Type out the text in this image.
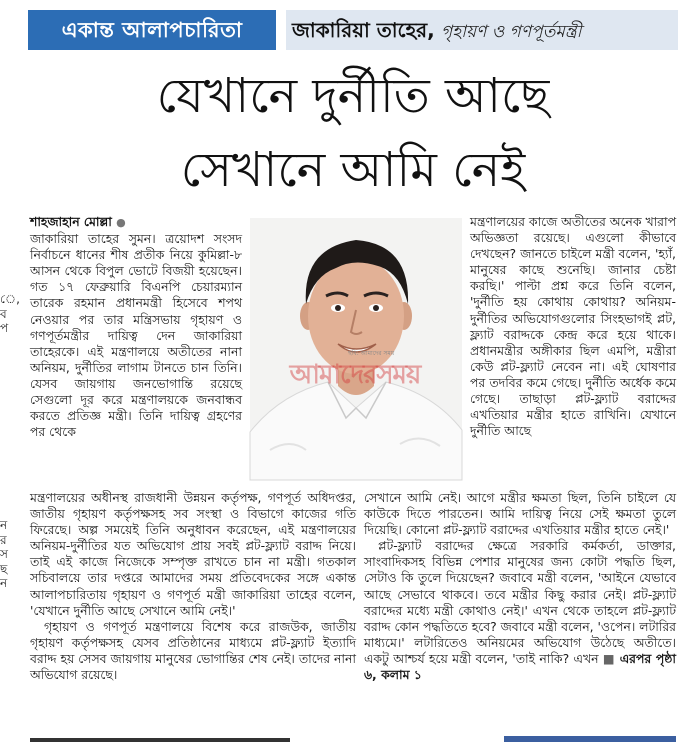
ে,
ব
প
ন
র
স
ছ
ন
একান্ত আলাপচারিতা	জাকারিয়া তাহের, গৃহায়ণ ও গণপূর্তমন্ত্রী
যেখানে দুর্নীতি আছে
সেখানে আমি নেই

শাহজাহান মোল্লা ●
জাকারিয়া তাহের সুমন। ত্রয়োদশ সংসদ নির্বাচনে ধানের শীষ প্রতীক নিয়ে কুমিল্লা-৮ আসন থেকে বিপুল ভোটে বিজয়ী হয়েছেন। গত ১৭ ফেব্রুয়ারি বিএনপি চেয়ারম্যান তারেক রহমান প্রধানমন্ত্রী হিসেবে শপথ নেওয়ার পর তার মন্ত্রিসভায় গৃহায়ণ ও গণপূর্তমন্ত্রীর দায়িত্ব দেন জাকারিয়া তাহেরকে। এই মন্ত্রণালয়ে অতীতের নানা অনিয়ম, দুর্নীতির লাগাম টানতে চান তিনি। যেসব জায়গায় জনভোগান্তি রয়েছে সেগুলো দূর করে মন্ত্রণালয়কে জনবান্ধব করতে প্রতিজ্ঞ মন্ত্রী। তিনি দায়িত্ব গ্রহণের পর থেকে

ছবি: আমাদের সময়
আমাদেরসময়

মন্ত্রণালয়ের কাজে অতীতের অনেক খারাপ অভিজ্ঞতা রয়েছে। এগুলো কীভাবে দেখছেন? জানতে চাইলে মন্ত্রী বলেন, 'হ্যাঁ, মানুষের কাছে শুনেছি। জানার চেষ্টা করছি।' পাল্টা প্রশ্ন করে তিনি বলেন, 'দুর্নীতি হয় কোথায় কোথায়? অনিয়ম-দুর্নীতির অভিযোগগুলোর সিংহভাগই প্লট, ফ্ল্যাট বরাদ্দকে কেন্দ্র করে হয়ে থাকে। প্রধানমন্ত্রীর অঙ্গীকার ছিল এমপি, মন্ত্রীরা কেউ প্লট-ফ্ল্যাট নেবেন না। এই ঘোষণার পর তদবির কমে গেছে। দুর্নীতি অর্ধেক কমে গেছে। তাছাড়া প্লট-ফ্ল্যাট বরাদ্দের এখতিয়ার মন্ত্রীর হাতে রাখিনি। যেখানে দুর্নীতি আছে

মন্ত্রণালয়ের অধীনস্থ রাজধানী উন্নয়ন কর্তৃপক্ষ, গণপূর্ত অধিদপ্তর, জাতীয় গৃহায়ণ কর্তৃপক্ষসহ সব সংস্থা ও বিভাগে কাজের গতি ফিরেছে। অল্প সময়েই তিনি অনুধাবন করেছেন, এই মন্ত্রণালয়ের অনিয়ম-দুর্নীতির যত অভিযোগ প্রায় সবই প্লট-ফ্ল্যাট বরাদ্দ নিয়ে। তাই এই কাজে নিজেকে সম্পৃক্ত রাখতে চান না মন্ত্রী। গতকাল সচিবালয়ে তার দপ্তরে আমাদের সময় প্রতিবেদকের সঙ্গে একান্ত আলাপচারিতায় গৃহায়ণ ও গণপূর্ত মন্ত্রী জাকারিয়া তাহের বলেন, 'যেখানে দুর্নীতি আছে সেখানে আমি নেই।'

গৃহায়ণ ও গণপূর্ত মন্ত্রণালয়ে বিশেষ করে রাজউক, জাতীয় গৃহায়ণ কর্তৃপক্ষসহ যেসব প্রতিষ্ঠানের মাধ্যমে প্লট-ফ্ল্যাট ইত্যাদি বরাদ্দ হয় সেসব জায়গায় মানুষের ভোগান্তির শেষ নেই। তাদের নানা অভিযোগ রয়েছে।

সেখানে আমি নেই। আগে মন্ত্রীর ক্ষমতা ছিল, তিনি চাইলে যে কাউকে দিতে পারতেন। আমি দায়িত্ব নিয়ে সেই ক্ষমতা তুলে দিয়েছি। কোনো প্লট-ফ্ল্যাট বরাদ্দের এখতিয়ার মন্ত্রীর হাতে নেই।'

প্লট-ফ্ল্যাট বরাদ্দের ক্ষেত্রে সরকারি কর্মকর্তা, ডাক্তার, সাংবাদিকসহ বিভিন্ন পেশার মানুষের জন্য কোটা পদ্ধতি ছিল, সেটাও কি তুলে দিয়েছেন? জবাবে মন্ত্রী বলেন, 'আইনে যেভাবে আছে সেভাবে থাকবে। তবে মন্ত্রীর কিছু করার নেই। প্লট-ফ্ল্যাট বরাদ্দের মধ্যে মন্ত্রী কোথাও নেই।' এখন থেকে তাহলে প্লট-ফ্ল্যাট বরাদ্দ কোন পদ্ধতিতে হবে? জবাবে মন্ত্রী বলেন, 'ওপেন। লটারির মাধ্যমে।' লটারিতেও অনিয়মের অভিযোগ উঠেছে অতীতে। একটু আশ্চর্য হয়ে মন্ত্রী বলেন, 'তাই নাকি? এখন ■ এরপর পৃষ্ঠা ৬, কলাম ১
